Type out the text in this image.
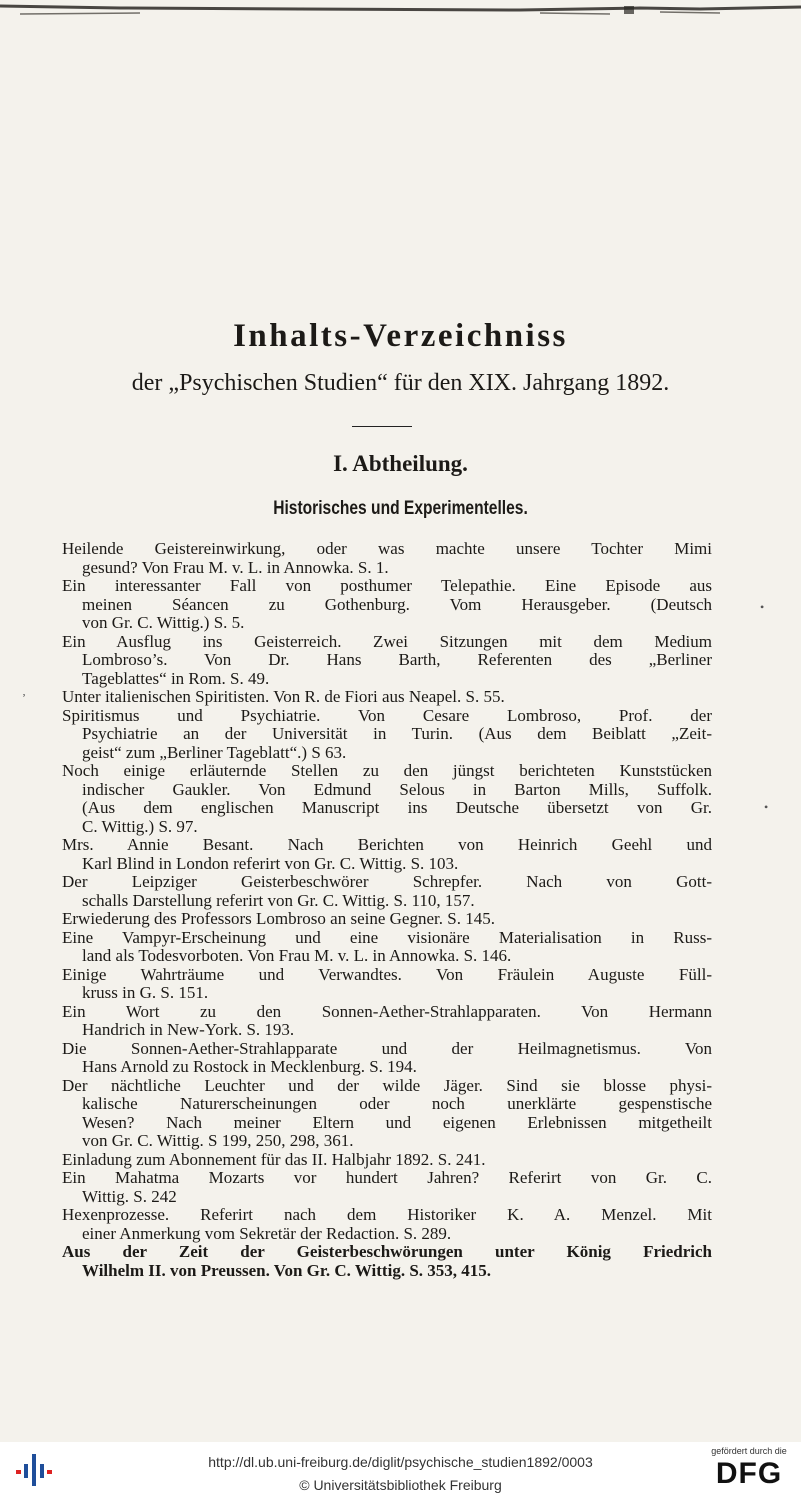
Inhalts-Verzeichniss
der „Psychischen Studien“ für den XIX. Jahrgang 1892.
I. Abtheilung.
Historisches und Experimentelles.
Heilende Geistereinwirkung, oder was machte unsere Tochter Mimi
gesund? Von Frau M. v. L. in Annowka. S. 1.
Ein interessanter Fall von posthumer Telepathie. Eine Episode aus
meinen Séancen zu Gothenburg. Vom Herausgeber. (Deutsch
von Gr. C. Wittig.) S. 5.
Ein Ausflug ins Geisterreich. Zwei Sitzungen mit dem Medium
Lombroso’s. Von Dr. Hans Barth, Referenten des „Berliner
Tageblattes“ in Rom. S. 49.
Unter italienischen Spiritisten. Von R. de Fiori aus Neapel. S. 55.
Spiritismus und Psychiatrie. Von Cesare Lombroso, Prof. der
Psychiatrie an der Universität in Turin. (Aus dem Beiblatt „Zeit-
geist“ zum „Berliner Tageblatt“.) S 63.
Noch einige erläuternde Stellen zu den jüngst berichteten Kunststücken
indischer Gaukler. Von Edmund Selous in Barton Mills, Suffolk.
(Aus dem englischen Manuscript ins Deutsche übersetzt von Gr.
C. Wittig.) S. 97.
Mrs. Annie Besant. Nach Berichten von Heinrich Geehl und
Karl Blind in London referirt von Gr. C. Wittig. S. 103.
Der Leipziger Geisterbeschwörer Schrepfer. Nach von Gott-
schalls Darstellung referirt von Gr. C. Wittig. S. 110, 157.
Erwiederung des Professors Lombroso an seine Gegner. S. 145.
Eine Vampyr-Erscheinung und eine visionäre Materialisation in Russ-
land als Todesvorboten. Von Frau M. v. L. in Annowka. S. 146.
Einige Wahrträume und Verwandtes. Von Fräulein Auguste Füll-
kruss in G. S. 151.
Ein Wort zu den Sonnen-Aether-Strahlapparaten. Von Hermann
Handrich in New-York. S. 193.
Die Sonnen-Aether-Strahlapparate und der Heilmagnetismus. Von
Hans Arnold zu Rostock in Mecklenburg. S. 194.
Der nächtliche Leuchter und der wilde Jäger. Sind sie blosse physi-
kalische Naturerscheinungen oder noch unerklärte gespenstische
Wesen? Nach meiner Eltern und eigenen Erlebnissen mitgetheilt
von Gr. C. Wittig. S 199, 250, 298, 361.
Einladung zum Abonnement für das II. Halbjahr 1892. S. 241.
Ein Mahatma Mozarts vor hundert Jahren? Referirt von Gr. C.
Wittig. S. 242
Hexenprozesse. Referirt nach dem Historiker K. A. Menzel. Mit
einer Anmerkung vom Sekretär der Redaction. S. 289.
Aus der Zeit der Geisterbeschwörungen unter König Friedrich
Wilhelm II. von Preussen. Von Gr. C. Wittig. S. 353, 415.
•
‚
•
http://dl.ub.uni-freiburg.de/diglit/psychische_studien1892/0003
© Universitätsbibliothek Freiburg
gefördert durch die
DFG
